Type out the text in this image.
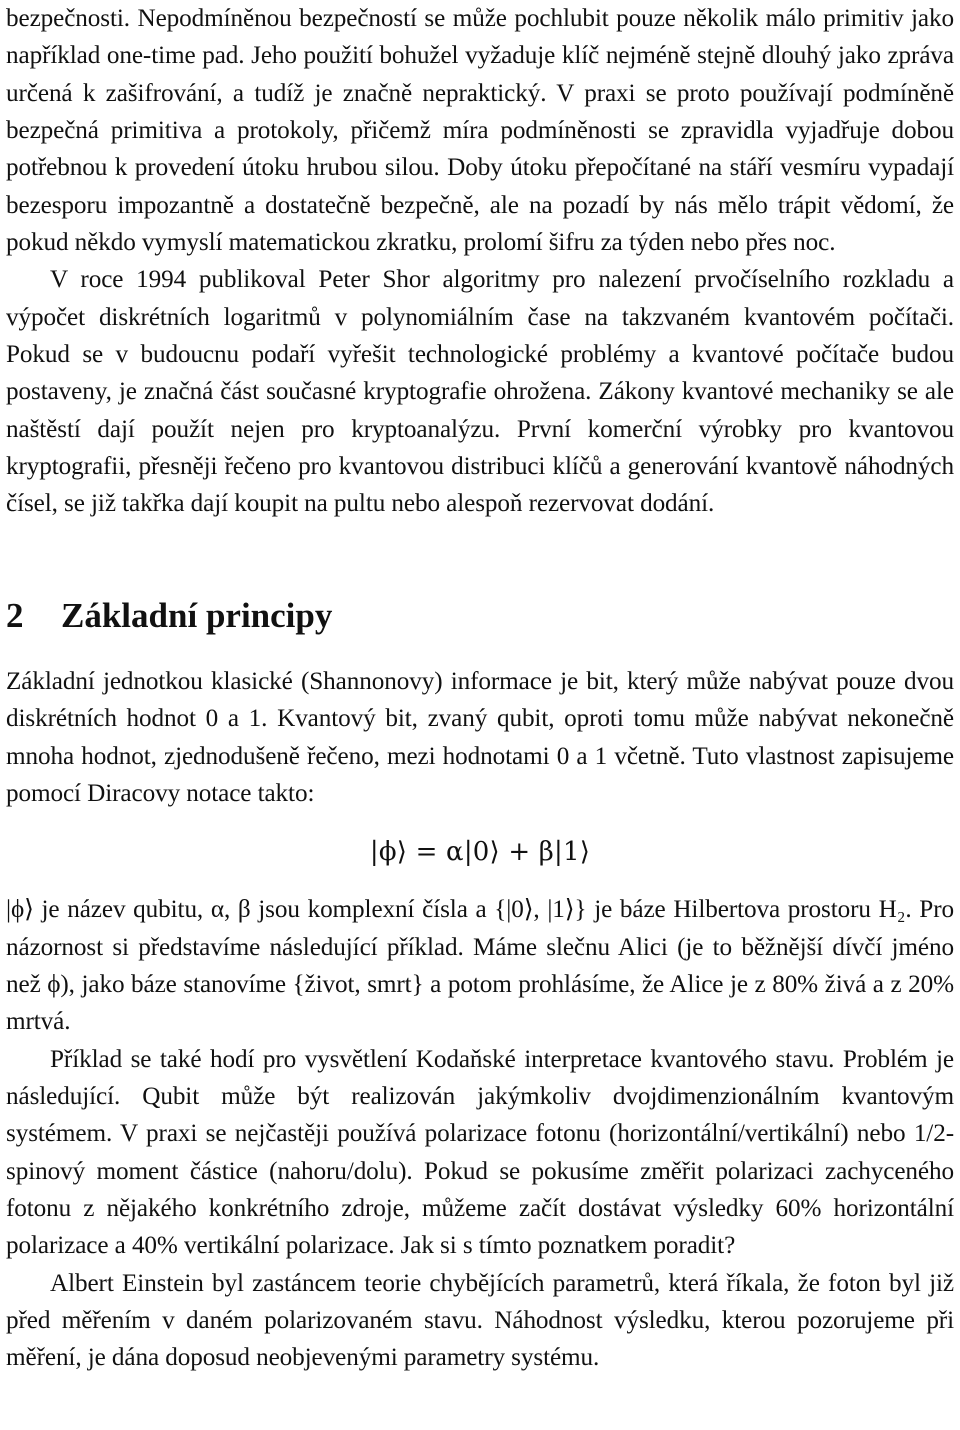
bezpečnosti. Nepodmíněnou bezpečností se může pochlubit pouze několik málo primitiv jako například one-time pad. Jeho použití bohužel vyžaduje klíč nejméně stejně dlouhý jako zpráva určená k zašifrování, a tudíž je značně nepraktický. V praxi se proto používají podmíněně bezpečná primitiva a protokoly, přičemž míra podmíněnosti se zpravidla vyjadřuje dobou potřebnou k provedení útoku hrubou silou. Doby útoku přepočítané na stáří vesmíru vypadají bezesporu impozantně a dostatečně bezpečně, ale na pozadí by nás mělo trápit vědomí, že pokud někdo vymyslí matematickou zkratku, prolomí šifru za týden nebo přes noc.

V roce 1994 publikoval Peter Shor algoritmy pro nalezení prvočíselního rozkladu a výpočet diskrétních logaritmů v polynomiálním čase na takzvaném kvantovém počítači. Pokud se v budoucnu podaří vyřešit technologické problémy a kvantové počítače budou postaveny, je značná část současné kryptografie ohrožena. Zákony kvantové mechaniky se ale naštěstí dají použít nejen pro kryptoanalýzu. První komerční výrobky pro kvantovou kryptografii, přesněji řečeno pro kvantovou distribuci klíčů a generování kvantově náhodných čísel, se již takřka dají koupit na pultu nebo alespoň rezervovat dodání.

2 Základní principy

Základní jednotkou klasické (Shannonovy) informace je bit, který může nabývat pouze dvou diskrétních hodnot 0 a 1. Kvantový bit, zvaný qubit, oproti tomu může nabývat nekonečně mnoha hodnot, zjednodušeně řečeno, mezi hodnotami 0 a 1 včetně. Tuto vlastnost zapisujeme pomocí Diracovy notace takto:

|ϕ⟩ = α|0⟩ + β|1⟩

|ϕ⟩ je název qubitu, α, β jsou komplexní čísla a {|0⟩, |1⟩} je báze Hilbertova prostoru H₂. Pro názornost si představíme následující příklad. Máme slečnu Alici (je to běžnější dívčí jméno než ϕ), jako báze stanovíme {život, smrt} a potom prohlásíme, že Alice je z 80% živá a z 20% mrtvá.

Příklad se také hodí pro vysvětlení Kodaňské interpretace kvantového stavu. Problém je následující. Qubit může být realizován jakýmkoliv dvojdimenzionálním kvantovým systémem. V praxi se nejčastěji používá polarizace fotonu (horizontální/vertikální) nebo 1/2-spinový moment částice (nahoru/dolu). Pokud se pokusíme změřit polarizaci zachyceného fotonu z nějakého konkrétního zdroje, můžeme začít dostávat výsledky 60% horizontální polarizace a 40% vertikální polarizace. Jak si s tímto poznatkem poradit?

Albert Einstein byl zastáncem teorie chybějících parametrů, která říkala, že foton byl již před měřením v daném polarizovaném stavu. Náhodnost výsledku, kterou pozorujeme při měření, je dána doposud neobjevenými parametry systému.
